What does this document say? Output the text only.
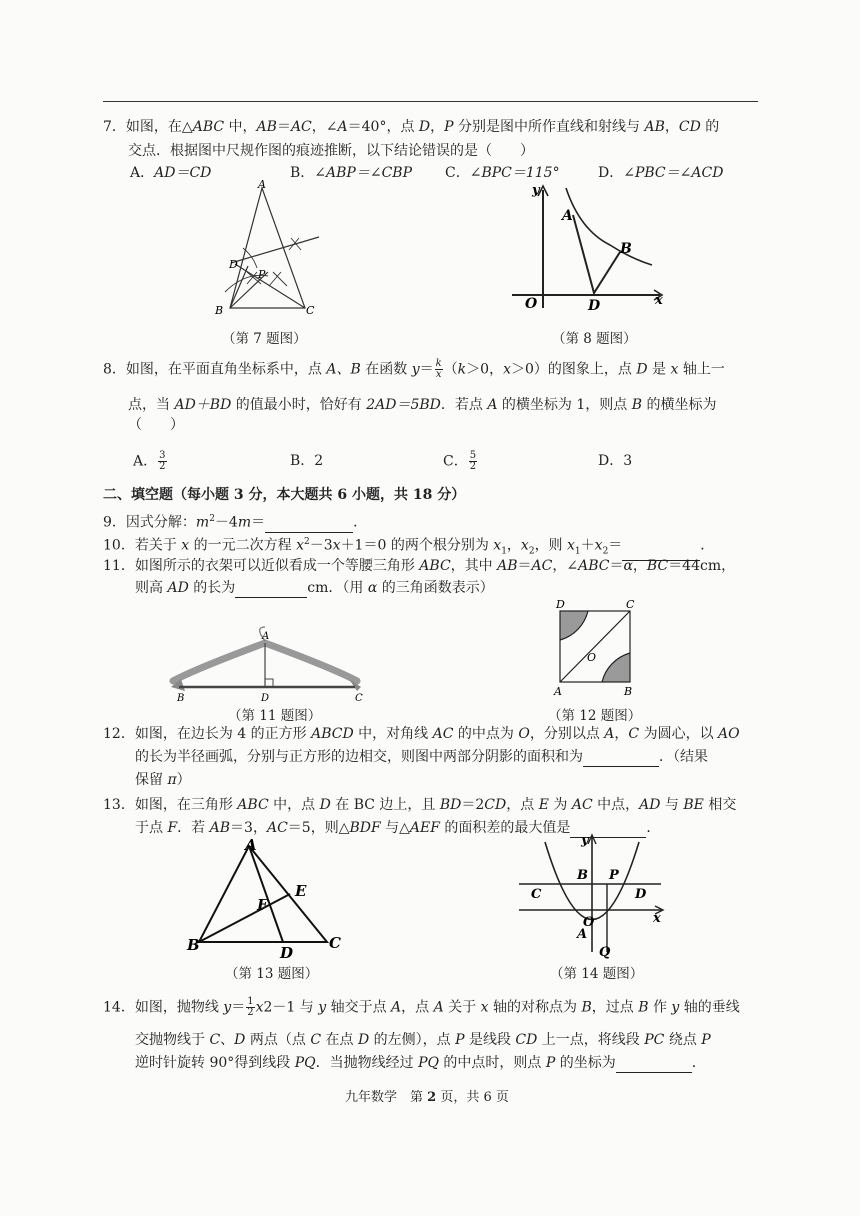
7．如图，在△ABC 中，AB＝AC，∠A＝40°，点 D，P 分别是图中所作直线和射线与 AB，CD 的
交点．根据图中尺规作图的痕迹推断，以下结论错误的是（　　）
A．AD＝CD	B．∠ABP＝∠CBP C．∠BPC＝115°	D．∠PBC＝∠ACD
A
B	C
D
P
（第 7 题图）
y
x
O
A
B
D
（第 8 题图）
8．如图，在平面直角坐标系中，点 A、B 在函数 $y= \frac{k}{x} (k>0$，x＞0）的图象上，点 D 是 x 轴上一
点，当 AD＋BD 的值最小时，恰好有 2AD＝5BD．若点 A 的横坐标为 1，则点 B 的横坐标为
（　　）
A． $\frac{3}{2}$	B．2	C． $\frac{5}{2}$	D．3
二、填空题（每小题 3 分，本大题共 6 小题，共 18 分）
9．因式分解：$m^2-4m=$	．
10．若关于 x 的一元二次方程 $x^2-3x+1=0$ 的两个根分别为 $x_1$，$x_2$，则 $x_1+x_2=$	．
11．如图所示的衣架可以近似看成一个等腰三角形 ABC，其中 AB＝AC，∠ABC＝α，BC＝44cm，
则高 AD 的长为	cm．（用 α 的三角函数表示）
A
B	D	C
（第 11 题图）
D	C
A	B
O
（第 12 题图）
12．如图，在边长为 4 的正方形 ABCD 中，对角线 AC 的中点为 O，分别以点 A，C 为圆心，以 AO
的长为半径画弧，分别与正方形的边相交，则图中两部分阴影的面积和为	．（结果
保留 π）
13．如图，在三角形 ABC 中，点 D 在 BC 边上，且 BD＝2CD，点 E 为 AC 中点，AD 与 BE 相交
于点 F．若 AB＝3，AC＝5，则△BDF 与△AEF 的面积差的最大值是	．
A
B	C
D
E
F
（第 13 题图）
y
x
O
A
B
C	D
P
Q
（第 14 题图）
14．如图，抛物线 $y= \frac{1}{2} x2-1$ 与 y 轴交于点 A，点 A 关于 x 轴的对称点为 B，过点 B 作 y 轴的垂线
交抛物线于 C、D 两点（点 C 在点 D 的左侧），点 P 是线段 CD 上一点，将线段 PC 绕点 P
逆时针旋转 90°得到线段 PQ．当抛物线经过 PQ 的中点时，则点 P 的坐标为	．
九年数学　第 2 页，共 6 页
